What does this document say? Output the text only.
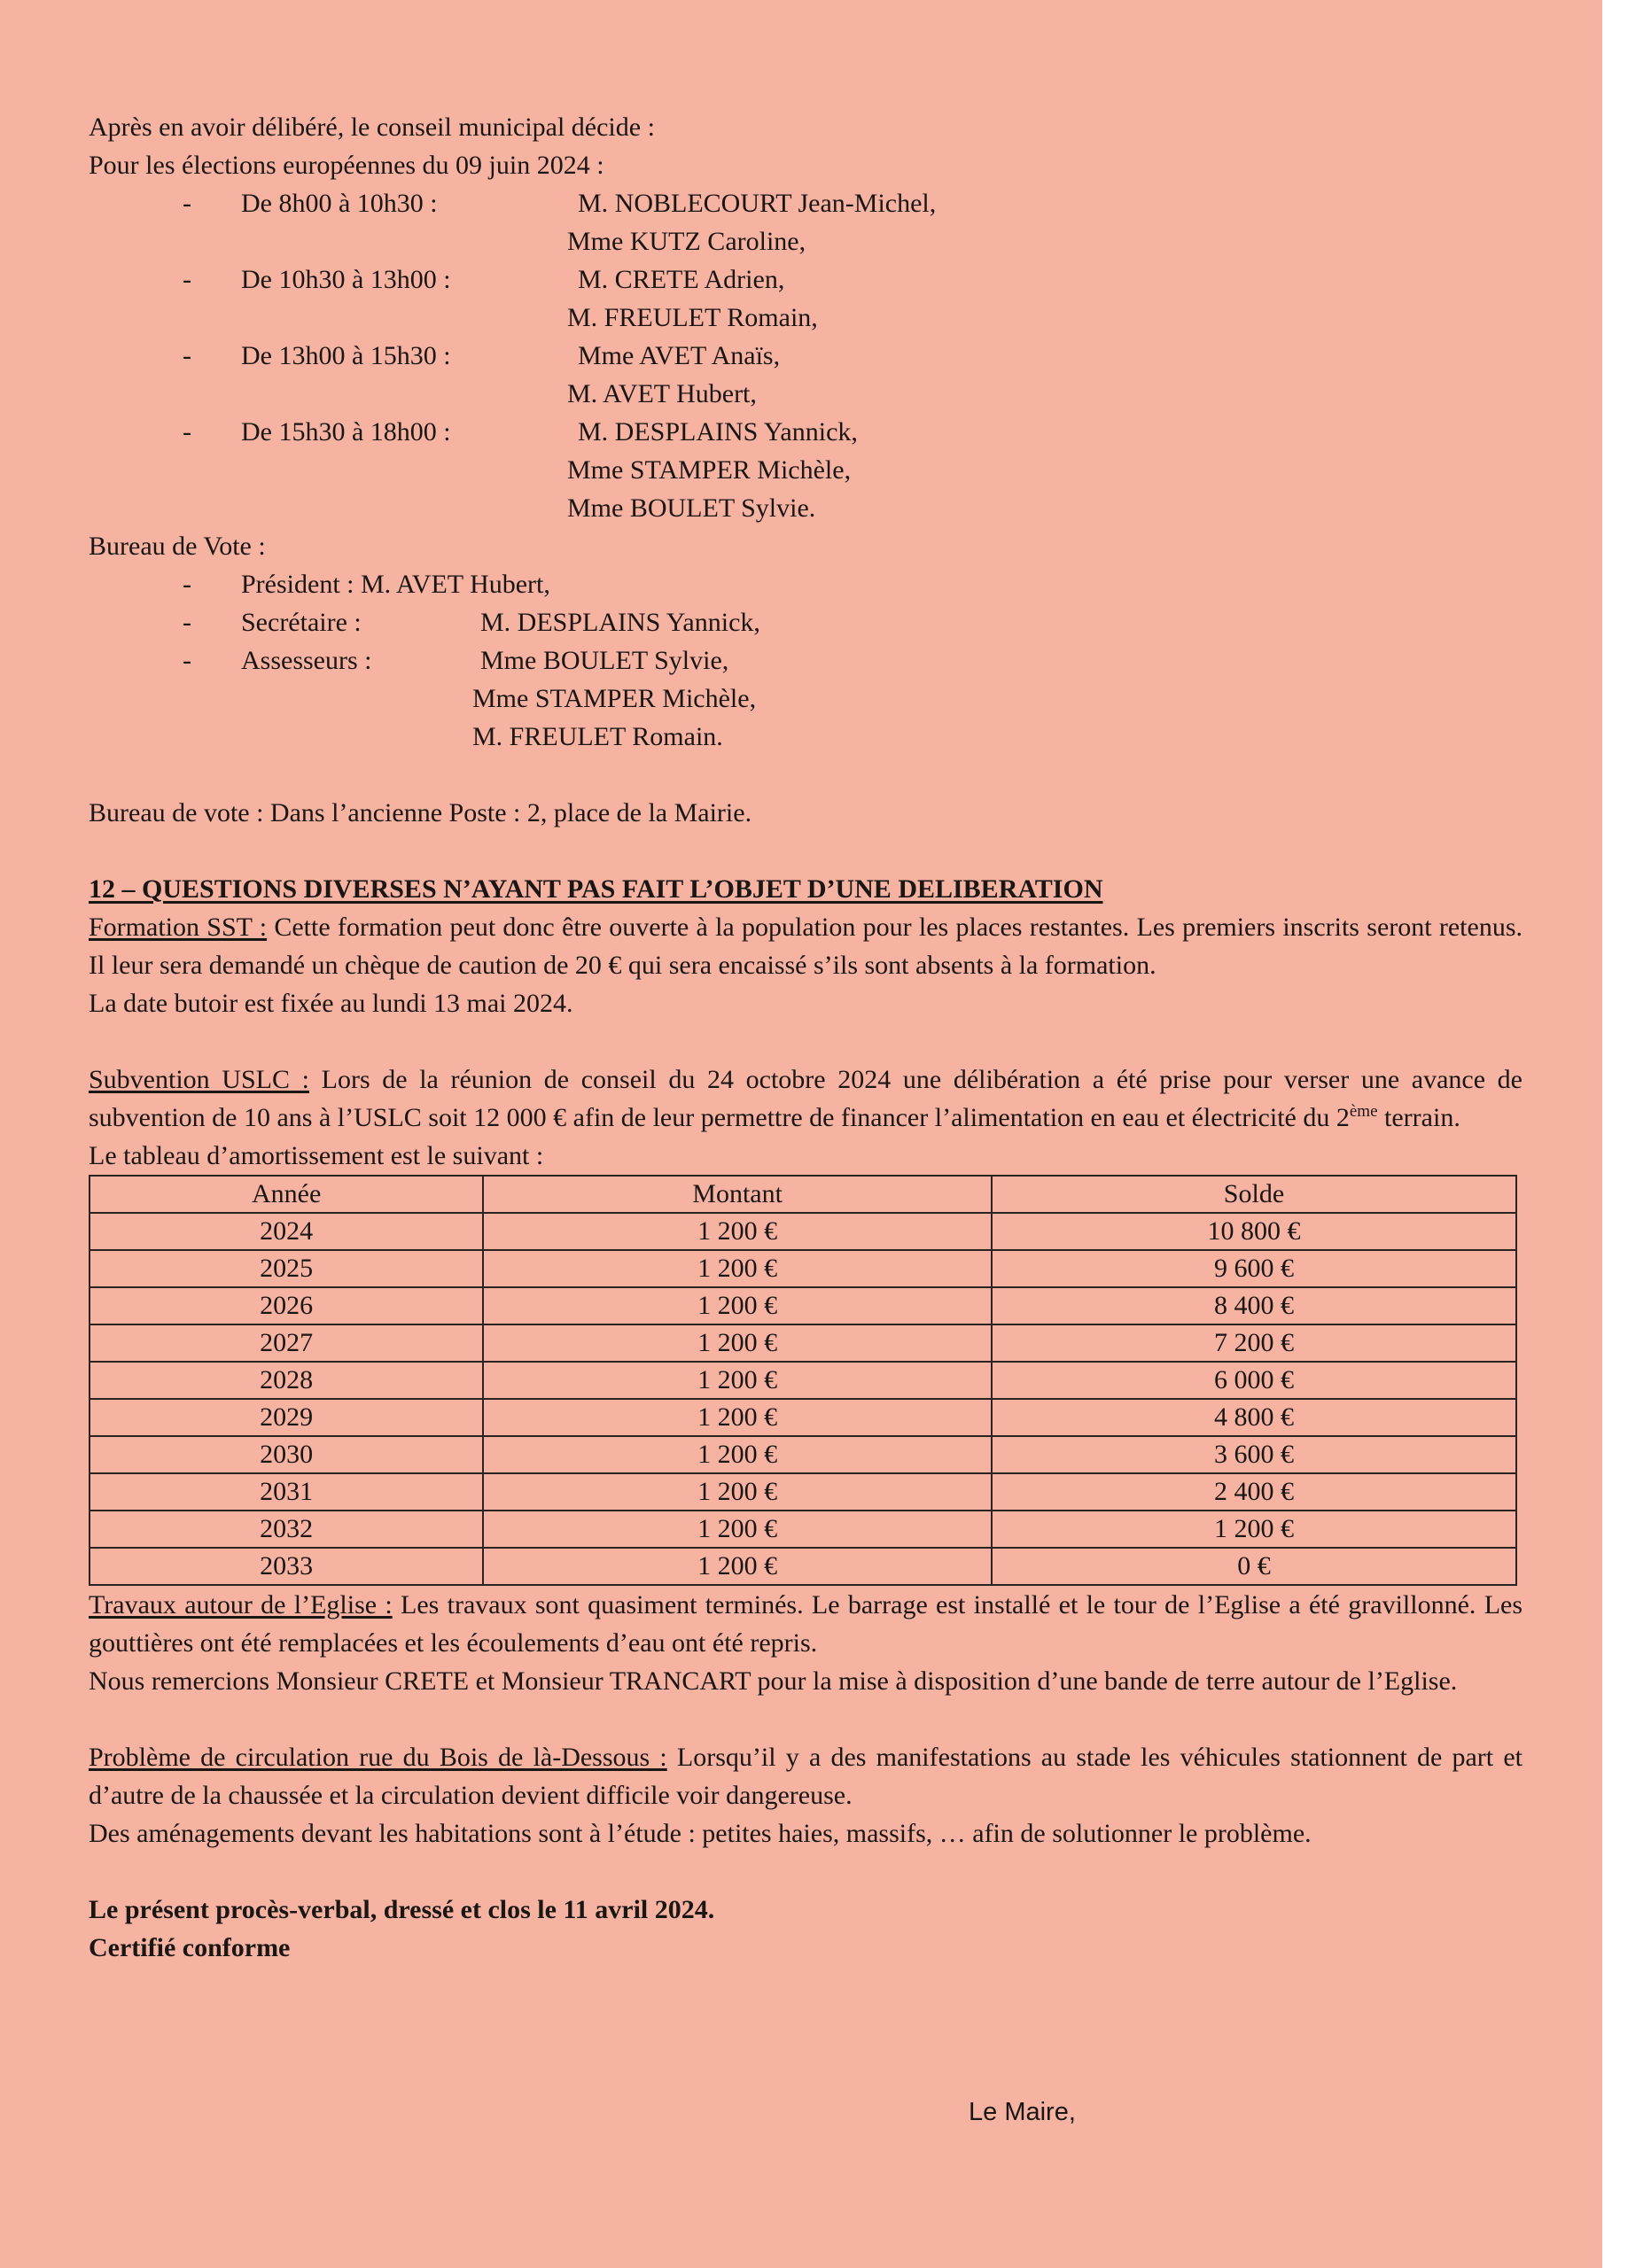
Après en avoir délibéré, le conseil municipal décide :
Pour les élections européennes du 09 juin 2024 :
- De 8h00 à 10h30 :	M. NOBLECOURT Jean-Michel,
Mme KUTZ Caroline,
- De 10h30 à 13h00 :	M. CRETE Adrien,
M. FREULET Romain,
- De 13h00 à 15h30 :	Mme AVET Anaïs,
M. AVET Hubert,
- De 15h30 à 18h00 :	M. DESPLAINS Yannick,
Mme STAMPER Michèle,
Mme BOULET Sylvie.
Bureau de Vote :
- Président : M. AVET Hubert,
- Secrétaire :	M. DESPLAINS Yannick,
- Assesseurs :	Mme BOULET Sylvie,
Mme STAMPER Michèle,
M. FREULET Romain.
Bureau de vote : Dans l’ancienne Poste : 2, place de la Mairie.
12 – QUESTIONS DIVERSES N’AYANT PAS FAIT L’OBJET D’UNE DELIBERATION
Formation SST : Cette formation peut donc être ouverte à la population pour les places restantes. Les premiers inscrits seront retenus. Il leur sera demandé un chèque de caution de 20 € qui sera encaissé s’ils sont absents à la formation.
La date butoir est fixée au lundi 13 mai 2024.
Subvention USLC : Lors de la réunion de conseil du 24 octobre 2024 une délibération a été prise pour verser une avance de subvention de 10 ans à l’USLC soit 12 000 € afin de leur permettre de financer l’alimentation en eau et électricité du 2ème terrain.
Le tableau d’amortissement est le suivant :
Année	Montant	Solde
2024	1 200 €	10 800 €
2025	1 200 €	9 600 €
2026	1 200 €	8 400 €
2027	1 200 €	7 200 €
2028	1 200 €	6 000 €
2029	1 200 €	4 800 €
2030	1 200 €	3 600 €
2031	1 200 €	2 400 €
2032	1 200 €	1 200 €
2033	1 200 €	0 €
Travaux autour de l’Eglise : Les travaux sont quasiment terminés. Le barrage est installé et le tour de l’Eglise a été gravillonné. Les gouttières ont été remplacées et les écoulements d’eau ont été repris.
Nous remercions Monsieur CRETE et Monsieur TRANCART pour la mise à disposition d’une bande de terre autour de l’Eglise.
Problème de circulation rue du Bois de là-Dessous : Lorsqu’il y a des manifestations au stade les véhicules stationnent de part et d’autre de la chaussée et la circulation devient difficile voir dangereuse.
Des aménagements devant les habitations sont à l’étude : petites haies, massifs, … afin de solutionner le problème.
Le présent procès-verbal, dressé et clos le 11 avril 2024.
Certifié conforme
Le Maire,
